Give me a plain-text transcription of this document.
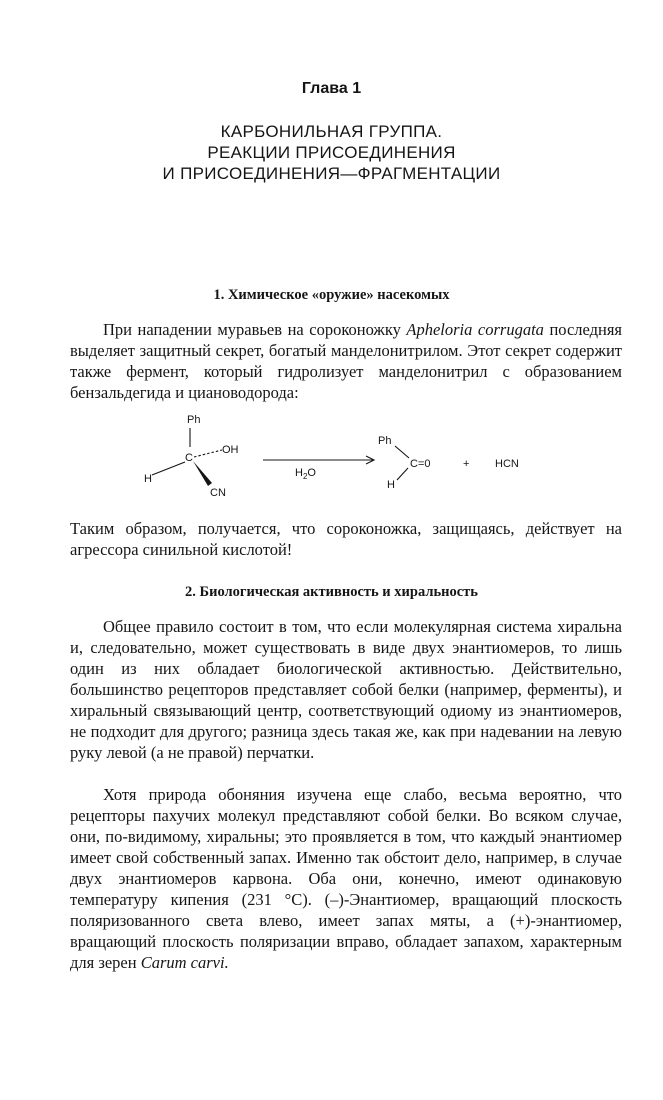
Глава 1
КАРБОНИЛЬНАЯ ГРУППА.
РЕАКЦИИ ПРИСОЕДИНЕНИЯ
И ПРИСОЕДИНЕНИЯ—ФРАГМЕНТАЦИИ
1. Химическое «оружие» насекомых

При нападении муравьев на сороконожку Apheloria corrugata последняя выделяет защитный секрет, богатый манделонитрилом. Этот секрет содержит также фермент, который гидролизует манделонитрил с образованием бензальдегида и циановодорода:

Ph
C
OH
H
CN
$H_2O$
Ph
C=0
H
+ HCN

Таким образом, получается, что сороконожка, защищаясь, действует на агрессора синильной кислотой!

2. Биологическая активность и хиральность

Общее правило состоит в том, что если молекулярная система хиральна и, следовательно, может существовать в виде двух энантиомеров, то лишь один из них обладает биологической активностью. Действительно, большинство рецепторов представляет собой белки (например, ферменты), и хиральный связывающий центр, соответствующий одиому из энантиомеров, не подходит для другого; разница здесь такая же, как при надевании на левую руку левой (а не правой) перчатки.

Хотя природа обоняния изучена еще слабо, весьма вероятно, что рецепторы пахучих молекул представляют собой белки. Во всяком случае, они, по-видимому, хиральны; это проявляется в том, что каждый энантиомер имеет свой собственный запах. Именно так обстоит дело, например, в случае двух энантиомеров карвона. Оба они, конечно, имеют одинаковую температуру кипения (231 °С). (–)-Энантиомер, вращающий плоскость поляризованного света влево, имеет запах мяты, а (+)-энантиомер, вращающий плоскость поляризации вправо, обладает запахом, характерным для зерен Carum carvi.
